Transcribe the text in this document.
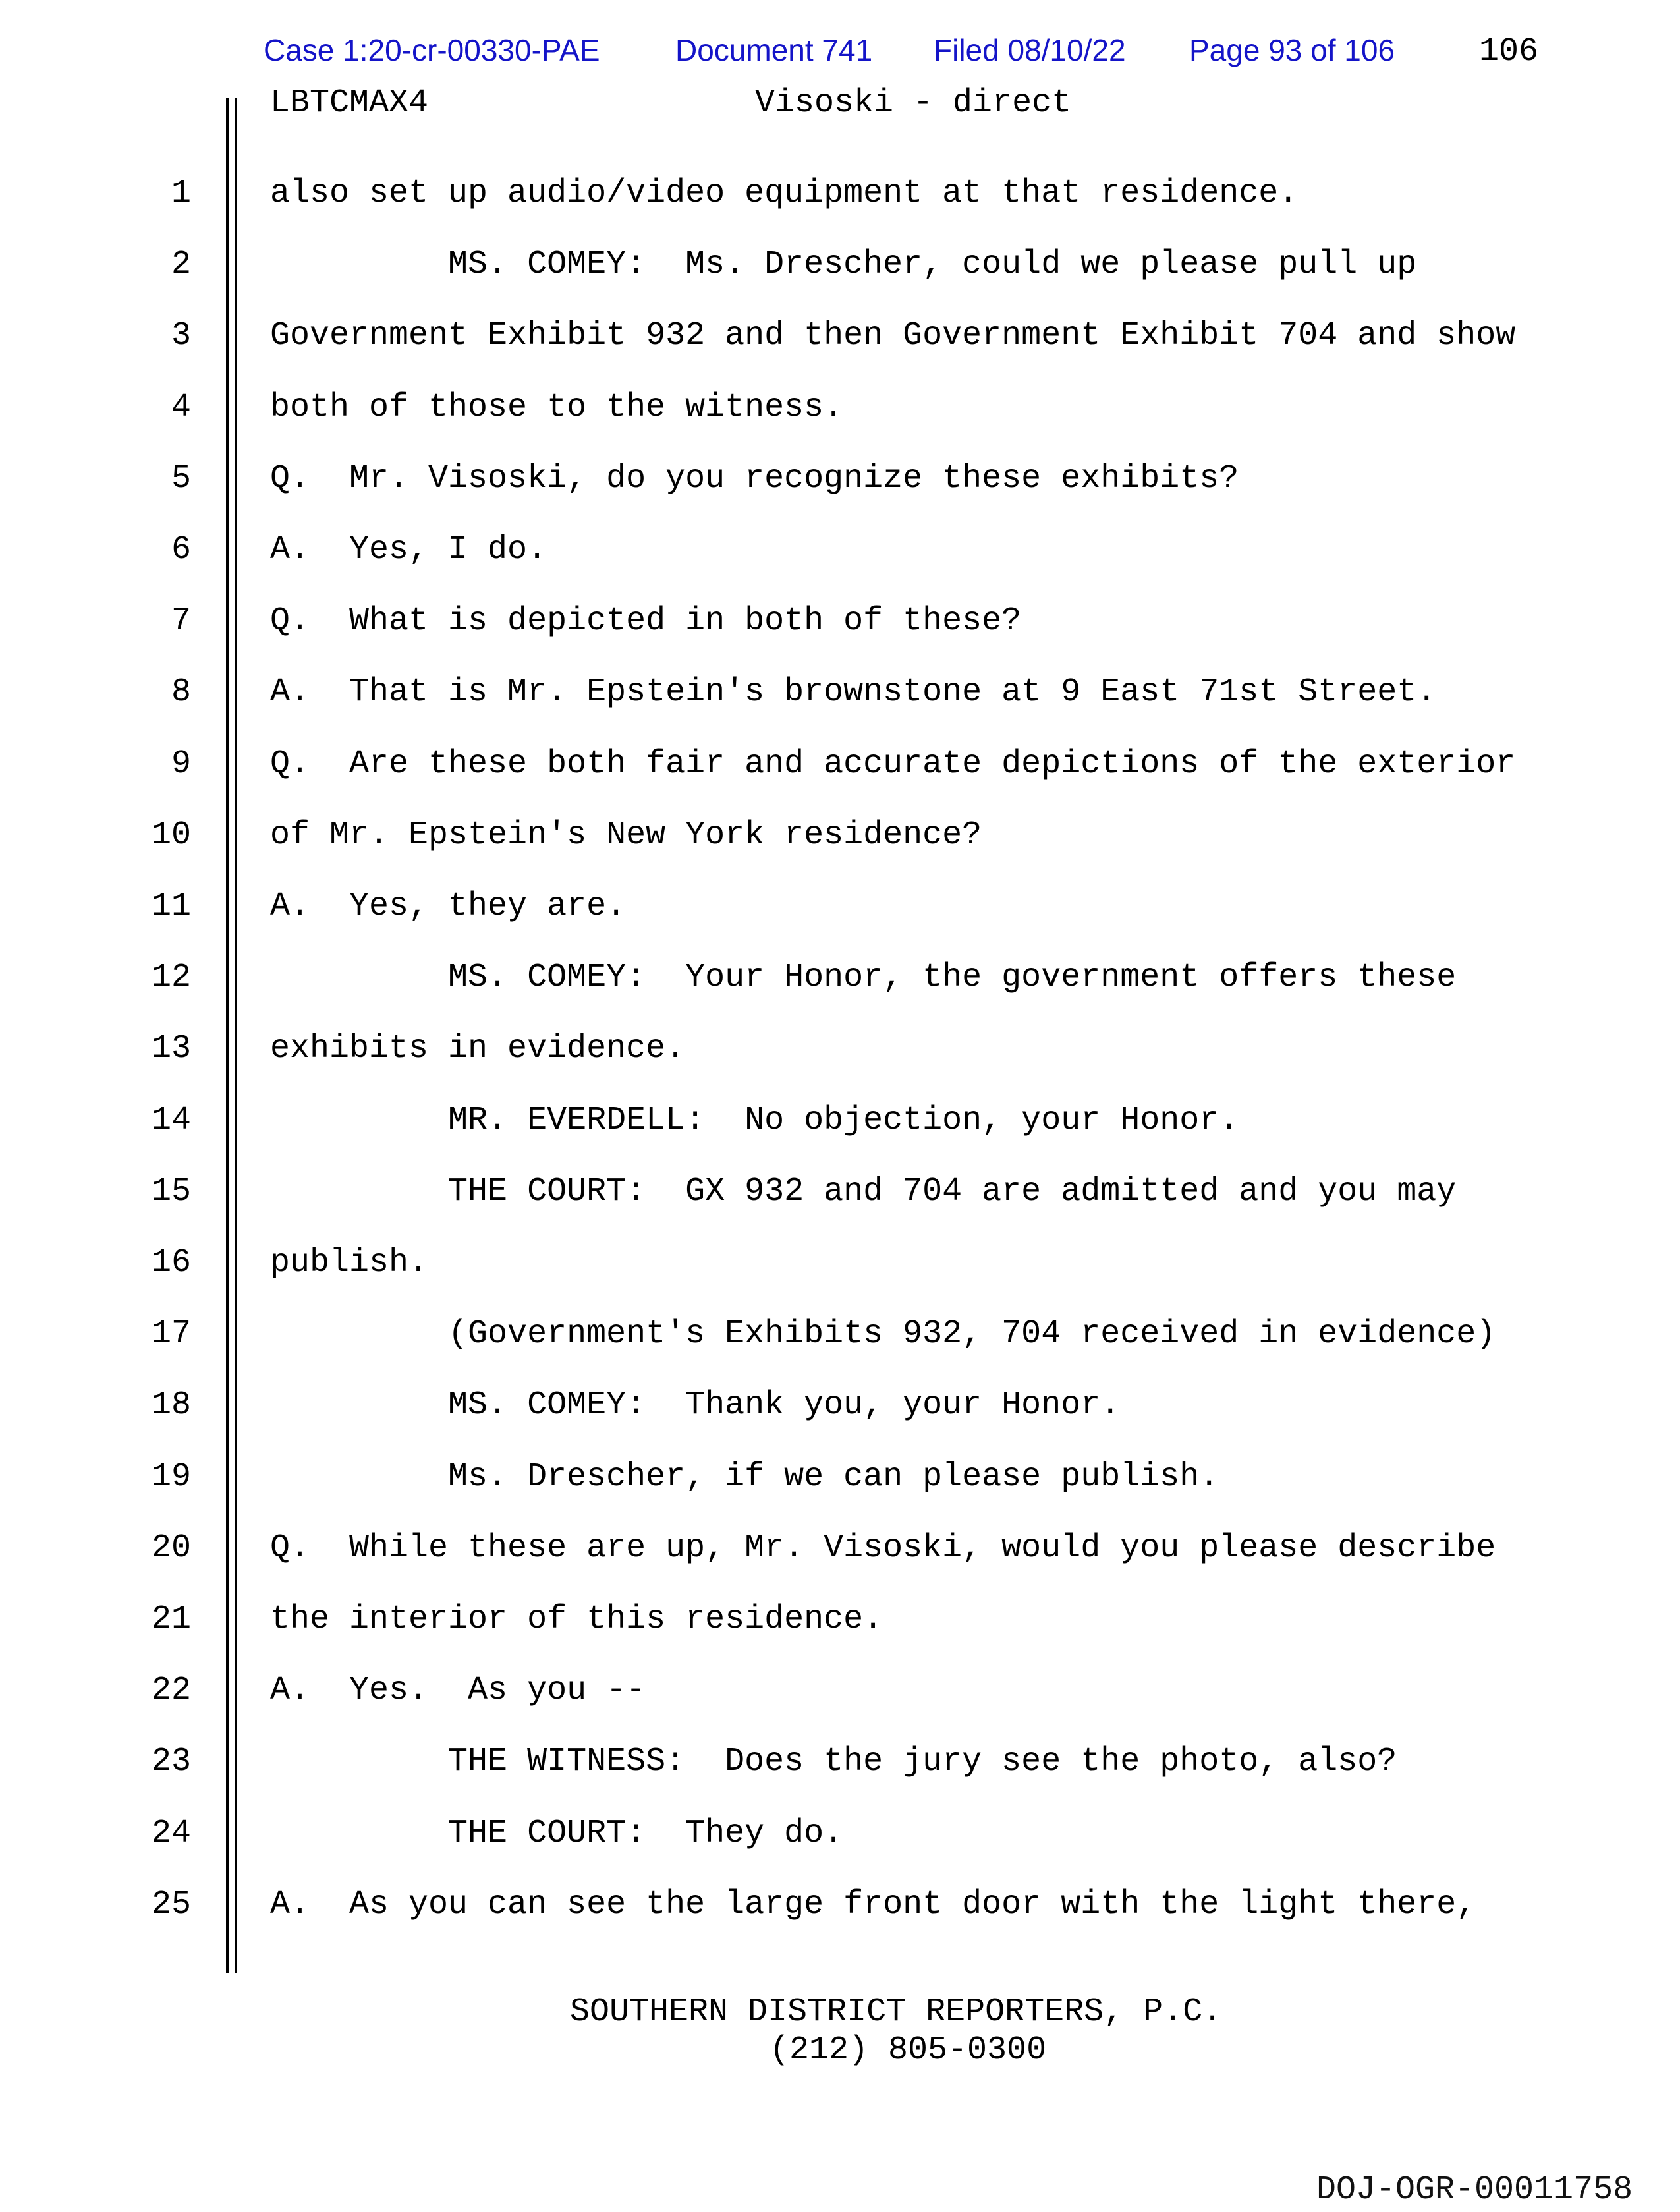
Case 1:20-cr-00330-PAE Document 741 Filed 08/10/22 Page 93 of 106	106
LBTCMAX4	Visoski - direct
1 also set up audio/video equipment at that residence.
2 MS. COMEY:  Ms. Drescher, could we please pull up
3 Government Exhibit 932 and then Government Exhibit 704 and show
4 both of those to the witness.
5 Q.  Mr. Visoski, do you recognize these exhibits?
6 A.  Yes, I do.
7 Q.  What is depicted in both of these?
8 A.  That is Mr. Epstein's brownstone at 9 East 71st Street.
9 Q.  Are these both fair and accurate depictions of the exterior
10 of Mr. Epstein's New York residence?
11 A.  Yes, they are.
12 MS. COMEY:  Your Honor, the government offers these
13 exhibits in evidence.
14 MR. EVERDELL:  No objection, your Honor.
15 THE COURT:  GX 932 and 704 are admitted and you may
16 publish.
17 (Government's Exhibits 932, 704 received in evidence)
18 MS. COMEY:  Thank you, your Honor.
19 Ms. Drescher, if we can please publish.
20 Q.  While these are up, Mr. Visoski, would you please describe
21 the interior of this residence.
22 A.  Yes.  As you --
23 THE WITNESS:  Does the jury see the photo, also?
24 THE COURT:  They do.
25 A.  As you can see the large front door with the light there,
SOUTHERN DISTRICT REPORTERS, P.C.
(212) 805-0300
DOJ-OGR-00011758
